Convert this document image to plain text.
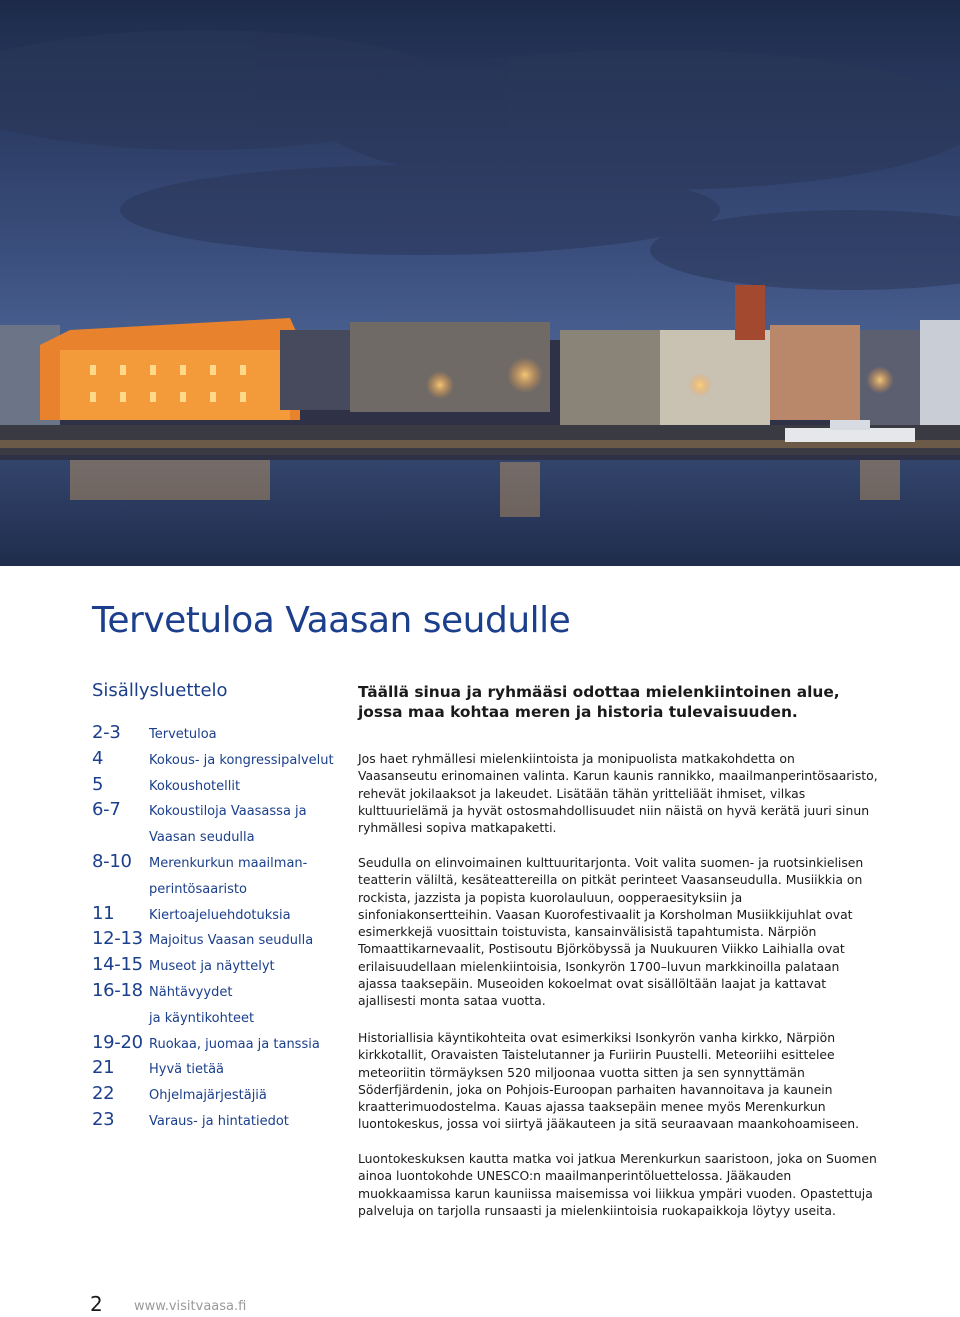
Tervetuloa Vaasan seudulle
Sisällysluettelo
2-3 Tervetuloa
4	Kokous- ja kongressipalvelut
5	Kokoushotellit
6-7 Kokoustiloja Vaasassa ja
Vaasan seudulla
8-10 Merenkurkun maailman-
perintösaaristo
11	Kiertoajeluehdotuksia
12-13 Majoitus Vaasan seudulla
14-15 Museot ja näyttelyt
16-18 Nähtävyydet
ja käyntikohteet
19-20 Ruokaa, juomaa ja tanssia
21	Hyvä tietää
22	Ohjelmajärjestäjiä
23	Varaus- ja hintatiedot

Täällä sinua ja ryhmääsi odottaa mielenkiintoinen alue, jossa maa kohtaa meren ja historia tulevaisuuden.

Jos haet ryhmällesi mielenkiintoista ja monipuolista matkakohdetta on Vaasanseutu erinomainen valinta. Karun kaunis rannikko, maailmanperintösaaristo, rehevät jokilaaksot ja lakeudet. Lisätään tähän yritteliäät ihmiset, vilkas kulttuurielämä ja hyvät ostosmahdollisuudet niin näistä on hyvä kerätä juuri sinun ryhmällesi sopiva matkapaketti.

Seudulla on elinvoimainen kulttuuritarjonta. Voit valita suomen- ja ruotsinkielisen teatterin väliltä, kesäteattereilla on pitkät perinteet Vaasanseudulla. Musiikkia on rockista, jazzista ja popista kuorolauluun, oopperaesityksiin ja sinfoniakonsertteihin. Vaasan Kuorofestivaalit ja Korsholman Musiikkijuhlat ovat esimerkkejä vuosittain toistuvista, kansainvälisistä tapahtumista. Närpiön Tomaattikarnevaalit, Postisoutu Björköbyssä ja Nuukuuren Viikko Laihialla ovat erilaisuudellaan mielenkiintoisia, Isonkyrön 1700–luvun markkinoilla palataan ajassa taaksepäin. Museoiden kokoelmat ovat sisällöltään laajat ja kattavat ajallisesti monta sataa vuotta.

Historiallisia käyntikohteita ovat esimerkiksi Isonkyrön vanha kirkko, Närpiön kirkkotallit, Oravaisten Taistelutanner ja Furiirin Puustelli. Meteoriihi esittelee meteoriitin törmäyksen 520 miljoonaa vuotta sitten ja sen synnyttämän Söderfjärdenin, joka on Pohjois-Euroopan parhaiten havannoitava ja kaunein kraatterimuodostelma. Kauas ajassa taaksepäin menee myös Merenkurkun luontokeskus, jossa voi siirtyä jääkauteen ja sitä seuraavaan maankohoamiseen.

Luontokeskuksen kautta matka voi jatkua Merenkurkun saaristoon, joka on Suomen ainoa luontokohde UNESCO:n maailmanperintöluettelossa. Jääkauden muokkaamissa karun kauniissa maisemissa voi liikkua ympäri vuoden. Opastettuja palveluja on tarjolla runsaasti ja mielenkiintoisia ruokapaikkoja löytyy useita.

2 www.visitvaasa.fi
